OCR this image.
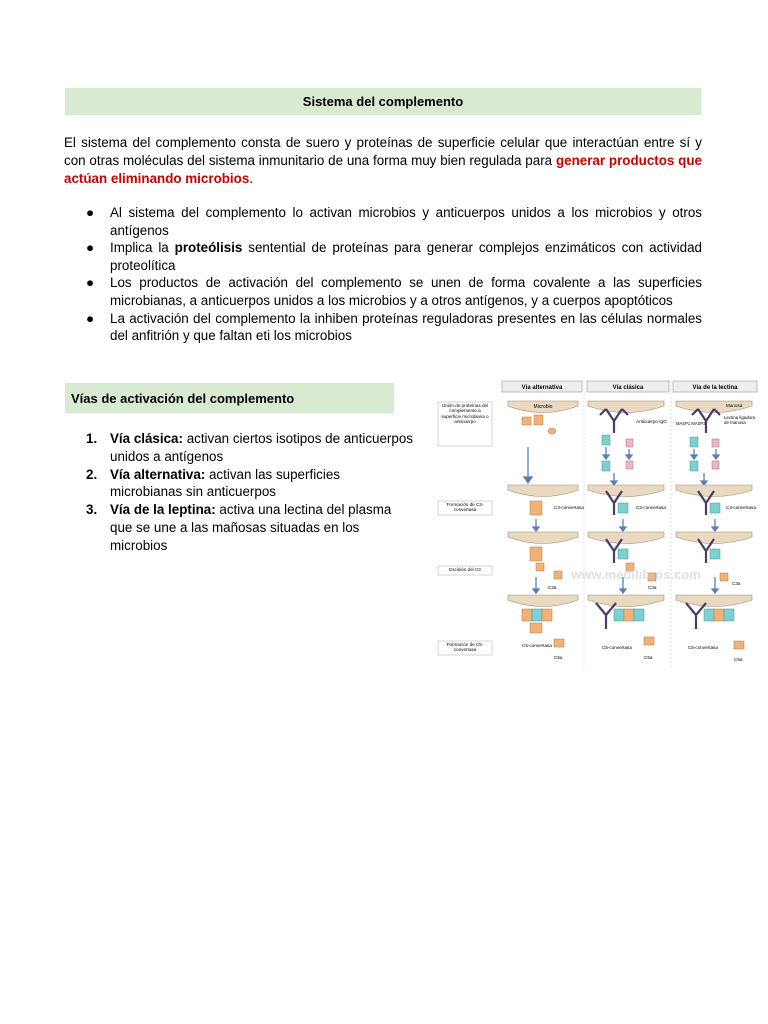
Sistema del complemento
El sistema del complemento consta de suero y proteínas de superficie celular que interactúan entre sí y con otras moléculas del sistema inmunitario de una forma muy bien regulada para generar productos que actúan eliminando microbios.
● Al sistema del complemento lo activan microbios y anticuerpos unidos a los microbios y otros antígenos
● Implica la proteólisis sentential de proteínas para generar complejos enzimáticos con actividad proteolítica
● Los productos de activación del complemento se unen de forma covalente a las superficies microbianas, a anticuerpos unidos a los microbios y a otros antígenos, y a cuerpos apoptóticos
● La activación del complemento la inhiben proteínas reguladoras presentes en las células normales del anfitrión y que faltan eti los microbios
Vías de activación del complemento
1. Vía clásica: activan ciertos isotipos de anticuerpos unidos a antígenos
2. Vía alternativa: activan las superficies microbianas sin anticuerpos
3. Vía de la leptina: activa una lectina del plasma que se une a las mañosas situadas en los microbios
Vía alternativa	Vía clásica	Vía de la lectina
Unión de proteínas del complemento a superficie microbiana o anticuerpo
Formación de C3-convertasa
Escisión del C3
Formación de C5-convertasa
Microbio
Anticuerpo IgG
Manosa
MASP1 MASP2
Lectina ligadora de manosa
C3-convertasa	C3-convertasa	C3-convertasa
C3a	C3a
C3a
www.medilibros.com
C5-convertasa
C5a
C5-convertasa
C5a
C5-convertasa
C5a
